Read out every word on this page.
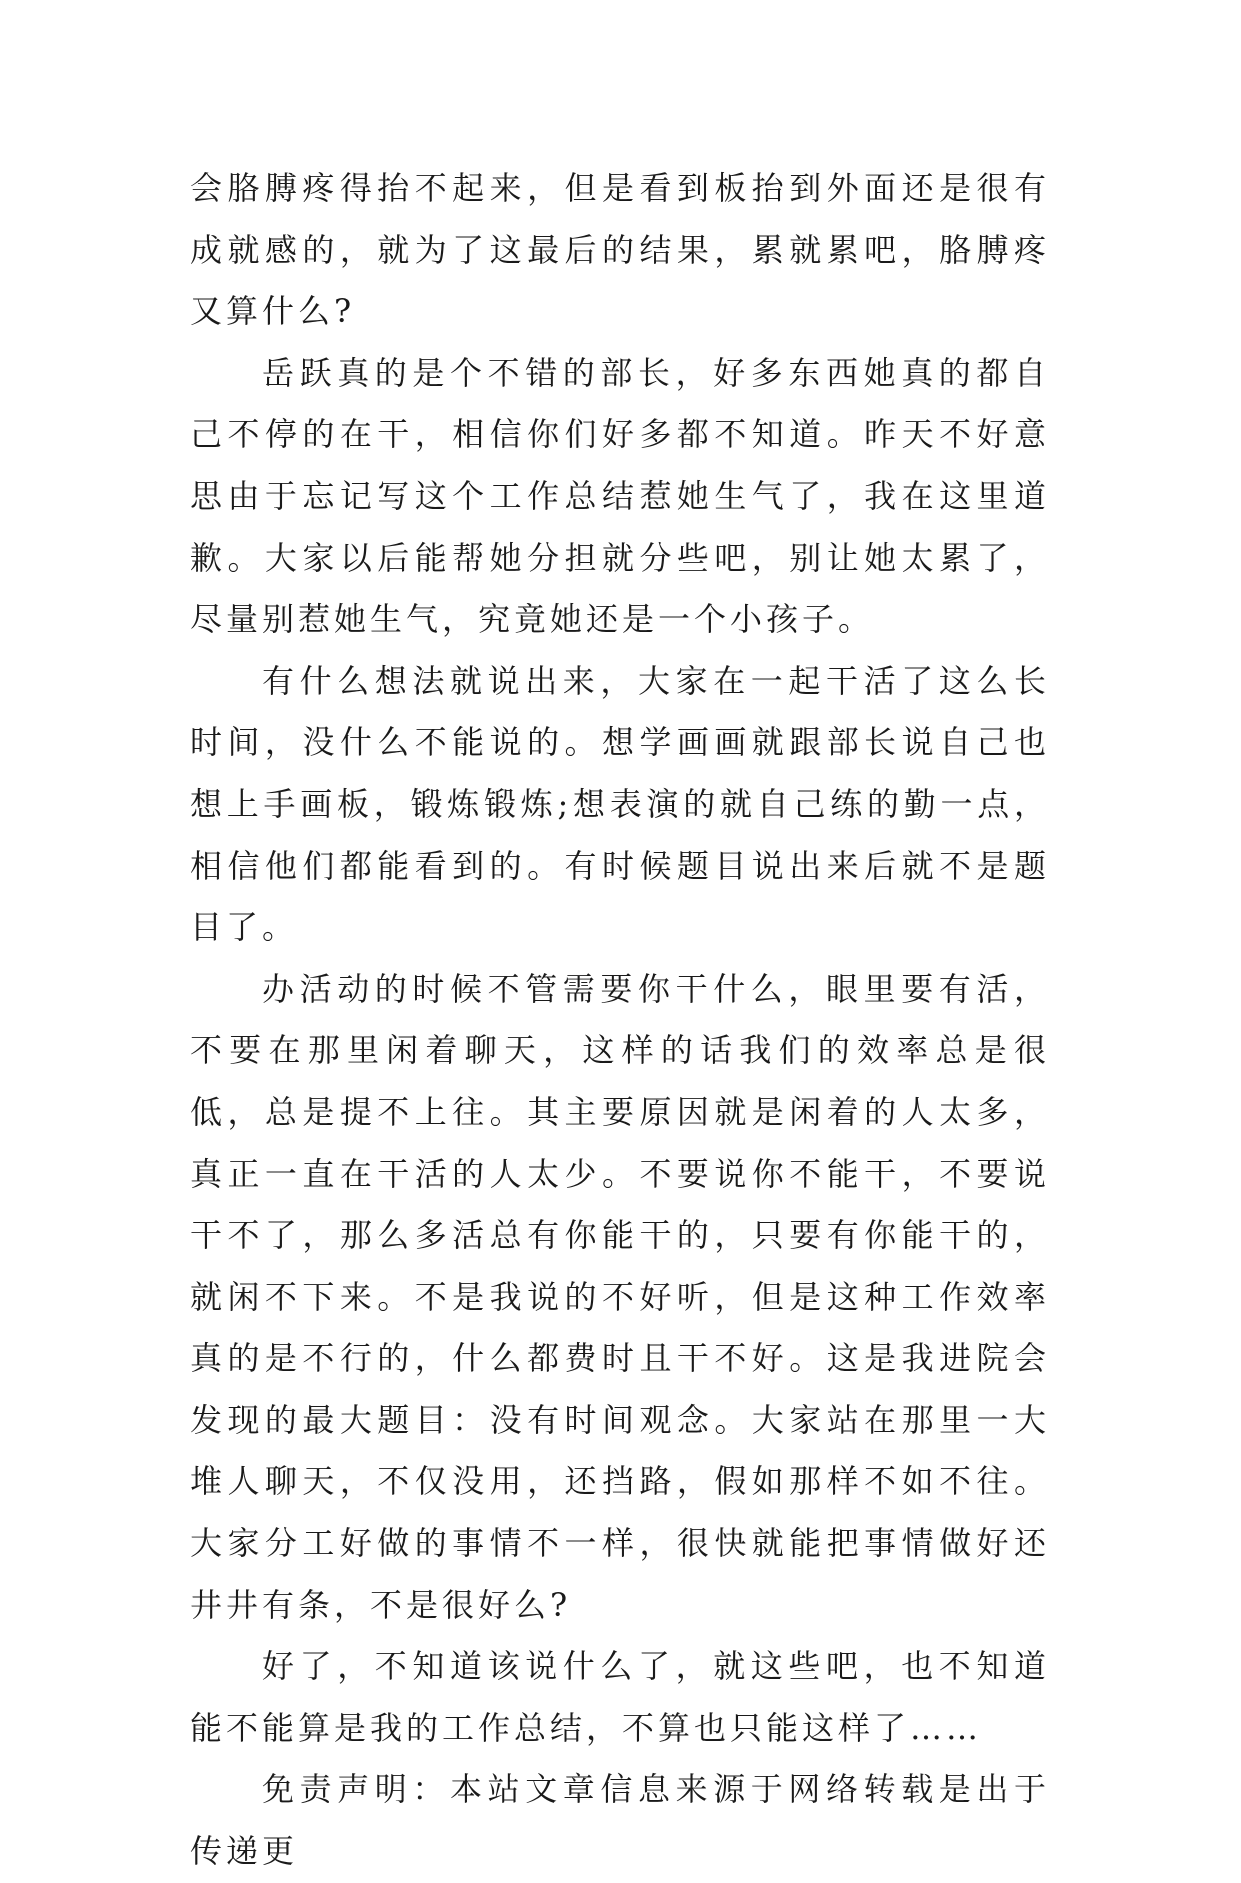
会胳膊疼得抬不起来，但是看到板抬到外面还是很有成就感的，就为了这最后的结果，累就累吧，胳膊疼又算什么?

岳跃真的是个不错的部长，好多东西她真的都自己不停的在干，相信你们好多都不知道。昨天不好意思由于忘记写这个工作总结惹她生气了，我在这里道歉。大家以后能帮她分担就分些吧，别让她太累了，尽量别惹她生气，究竟她还是一个小孩子。

有什么想法就说出来，大家在一起干活了这么长时间，没什么不能说的。想学画画就跟部长说自己也想上手画板，锻炼锻炼;想表演的就自己练的勤一点，相信他们都能看到的。有时候题目说出来后就不是题目了。

办活动的时候不管需要你干什么，眼里要有活，不要在那里闲着聊天，这样的话我们的效率总是很低，总是提不上往。其主要原因就是闲着的人太多，真正一直在干活的人太少。不要说你不能干，不要说干不了，那么多活总有你能干的，只要有你能干的，就闲不下来。不是我说的不好听，但是这种工作效率真的是不行的，什么都费时且干不好。这是我进院会发现的最大题目：没有时间观念。大家站在那里一大堆人聊天，不仅没用，还挡路，假如那样不如不往。大家分工好做的事情不一样，很快就能把事情做好还井井有条，不是很好么?

好了，不知道该说什么了，就这些吧，也不知道能不能算是我的工作总结，不算也只能这样了……

免责声明：本站文章信息来源于网络转载是出于传递更
